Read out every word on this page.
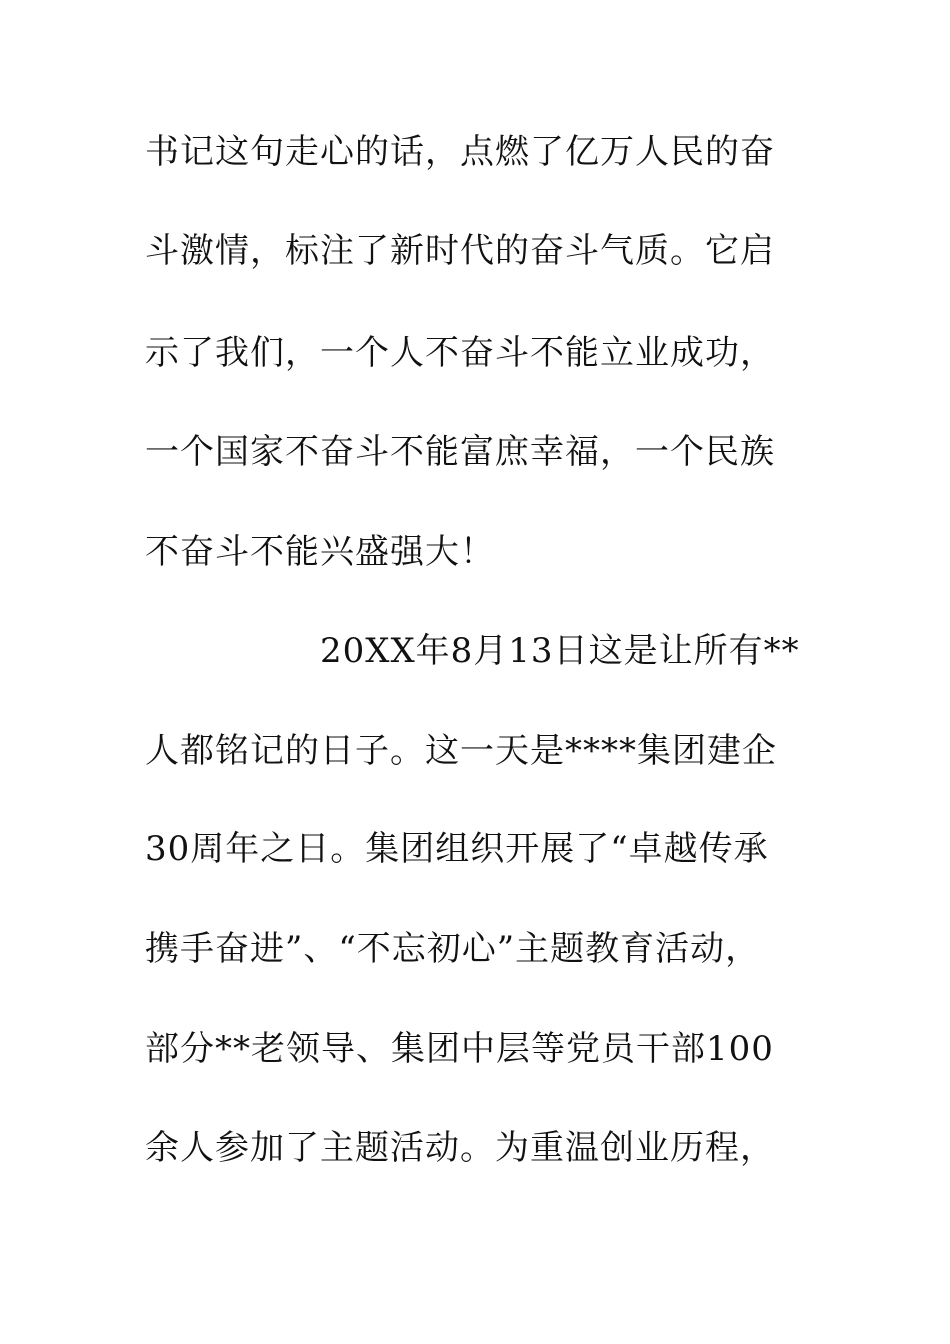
书记这句走心的话，点燃了亿万人民的奋
斗激情，标注了新时代的奋斗气质。它启
示了我们，一个人不奋斗不能立业成功，
一个国家不奋斗不能富庶幸福，一个民族
不奋斗不能兴盛强大！
20XX年8月13日这是让所有**
人都铭记的日子。这一天是****集团建企
30周年之日。集团组织开展了“卓越传承
携手奋进”、“不忘初心”主题教育活动，
部分**老领导、集团中层等党员干部100
余人参加了主题活动。为重温创业历程，
